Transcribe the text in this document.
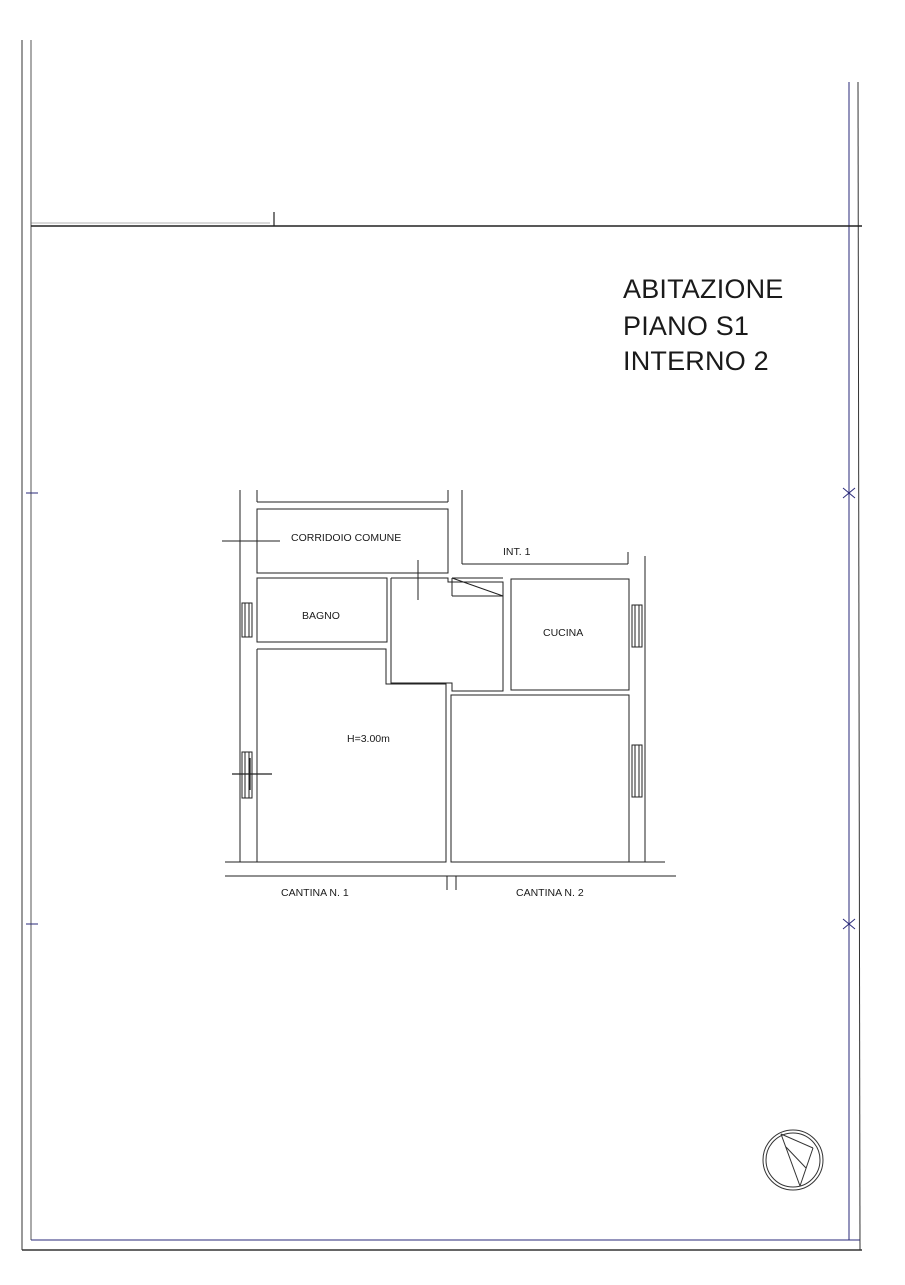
CORRIDOIO COMUNE
INT. 1
BAGNO
CUCINA
H=3.00m
CANTINA N. 1	CANTINA N. 2
ABITAZIONE
PIANO S1
INTERNO 2
